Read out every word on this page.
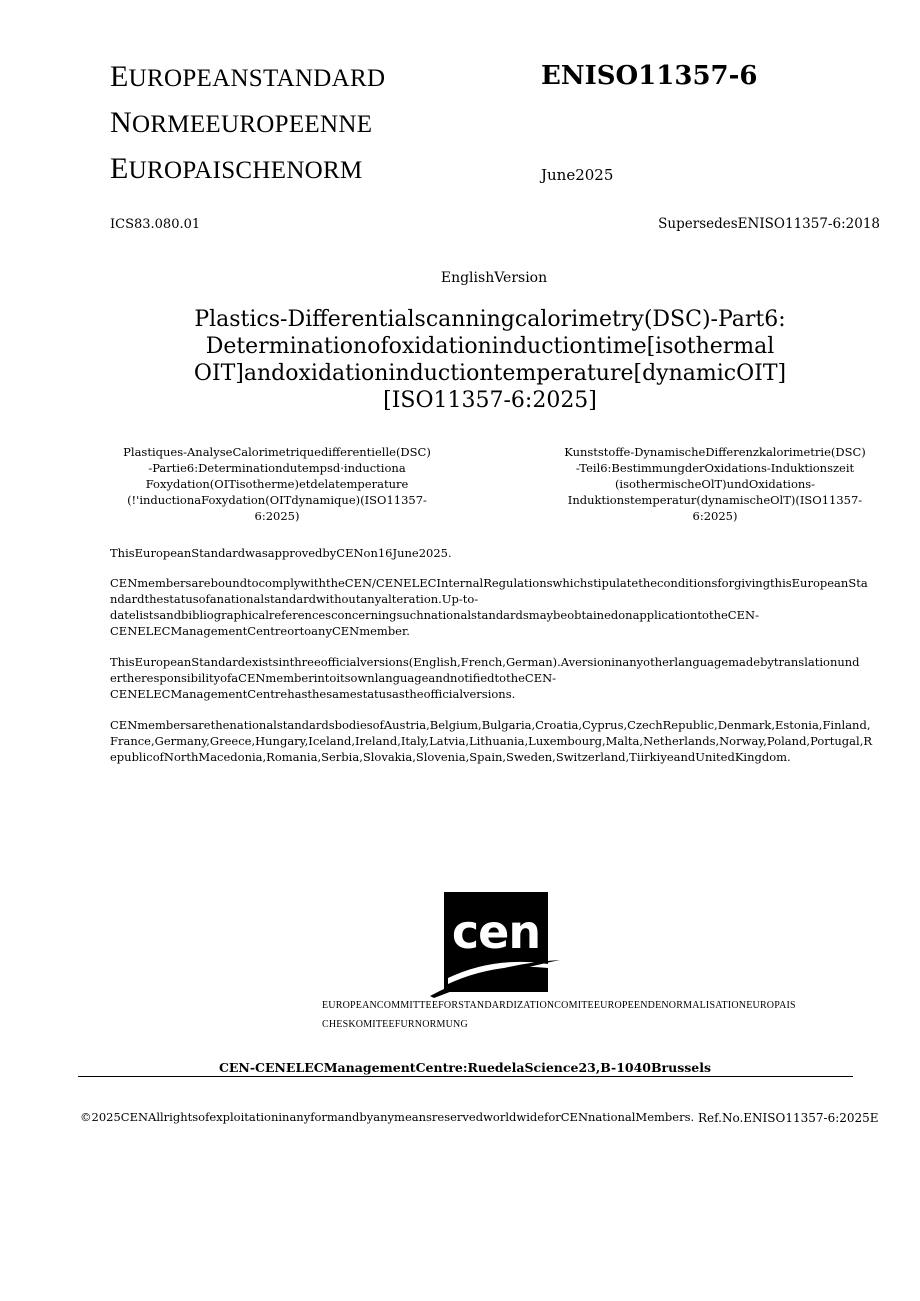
EUROPEANSTANDARD
NORMEEUROPEENNE
EUROPAISCHENORM
ENISO11357-6
June2025
ICS83.080.01	SupersedesENISO11357-6:2018
EnglishVersion
Plastics-Differentialscanningcalorimetry(DSC)-Part6:
Determinationofoxidationinductiontime[isothermal
OIT]andoxidationinductiontemperature[dynamicOIT]
[ISO11357-6:2025]
Plastiques-AnalyseCalorimetriquedifferentielle(DSC)
-Partie6:Determinationdutempsd·inductiona
Foxydation(OITisotherme)etdelatemperature
(!'inductionaFoxydation(OITdynamique)(ISO11357-
6:2025)
Kunststoffe-DynamischeDifferenzkalorimetrie(DSC)
-Teil6:BestimmungderOxidations-Induktionszeit
(isothermischeOlT)undOxidations-
Induktionstemperatur(dynamischeOlT)(ISO11357-
6:2025)
ThisEuropeanStandardwasapprovedbyCENon16June2025.
CENmembersareboundtocomplywiththeCEN/CENELECInternalRegulationswhichstipulatetheconditionsforgivingthisEuropeanSta
ndardthestatusofanationalstandardwithoutanyalteration.Up-to-
datelistsandbibliographicalreferencesconcerningsuchnationalstandardsmaybeobtainedonapplicationtotheCEN-
CENELECManagementCentreortoanyCENmember.
ThisEuropeanStandardexistsinthreeofficialversions(English,French,German).Aversioninanyotherlanguagemadebytranslationund
ertheresponsibilityofaCENmemberintoitsownlanguageandnotifiedtotheCEN-
CENELECManagementCentrehasthesamestatusastheofficialversions.
CENmembersarethenationalstandardsbodiesofAustria,Belgium,Bulgaria,Croatia,Cyprus,CzechRepublic,Denmark,Estonia,Finland,
France,Germany,Greece,Hungary,Iceland,Ireland,Italy,Latvia,Lithuania,Luxembourg,Malta,Netherlands,Norway,Poland,Portugal,R
epublicofNorthMacedonia,Romania,Serbia,Slovakia,Slovenia,Spain,Sweden,Switzerland,TiirkiyeandUnitedKingdom.
cen
EUROPEANCOMMITTEEFORSTANDARDIZATIONCOMITEEUROPEENDENORMALISATIONEUROPAIS
CHESKOMITEEFURNORMUNG
CEN-CENELECManagementCentre:RuedelaScience23,B-1040Brussels
©2025CENAllrightsofexploitationinanyformandbyanymeansreservedworldwideforCENnationalMembers. Ref.No.ENISO11357-6:2025E
